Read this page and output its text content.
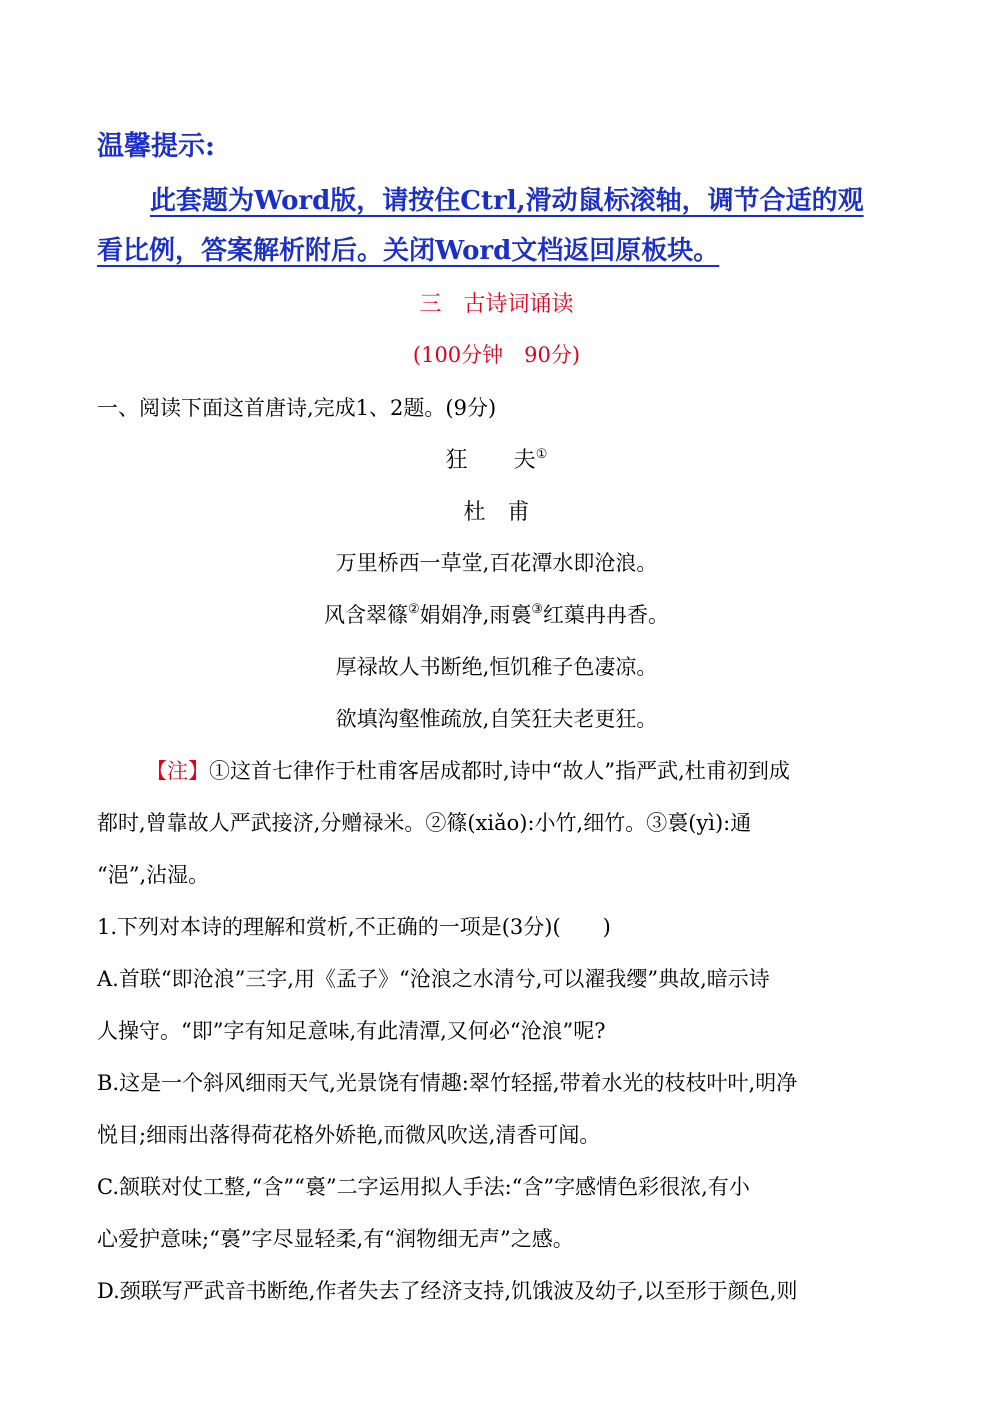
温馨提示:
此套题为Word版，请按住Ctrl,滑动鼠标滚轴，调节合适的观
看比例，答案解析附后。关闭Word文档返回原板块。
三　古诗词诵读
(100分钟　90分)
一、阅读下面这首唐诗,完成1、2题。(9分)
狂 夫①
杜 甫
万里桥西一草堂,百花潭水即沧浪。
风含翠篠②娟娟净,雨裛③红蕖冉冉香。
厚禄故人书断绝,恒饥稚子色凄凉。
欲填沟壑惟疏放,自笑狂夫老更狂。
【注】①这首七律作于杜甫客居成都时,诗中“故人”指严武,杜甫初到成
都时,曾靠故人严武接济,分赠禄米。②篠(xiǎo):小竹,细竹。③裛(yì):通
“浥”,沾湿。
1.下列对本诗的理解和赏析,不正确的一项是(3分)(　　)
A.首联“即沧浪”三字,用《孟子》“沧浪之水清兮,可以濯我缨”典故,暗示诗
人操守。“即”字有知足意味,有此清潭,又何必“沧浪”呢?
B.这是一个斜风细雨天气,光景饶有情趣:翠竹轻摇,带着水光的枝枝叶叶,明净
悦目;细雨出落得荷花格外娇艳,而微风吹送,清香可闻。
C.颔联对仗工整,“含”“裛”二字运用拟人手法:“含”字感情色彩很浓,有小
心爱护意味;“裛”字尽显轻柔,有“润物细无声”之感。
D.颈联写严武音书断绝,作者失去了经济支持,饥饿波及幼子,以至形于颜色,则
